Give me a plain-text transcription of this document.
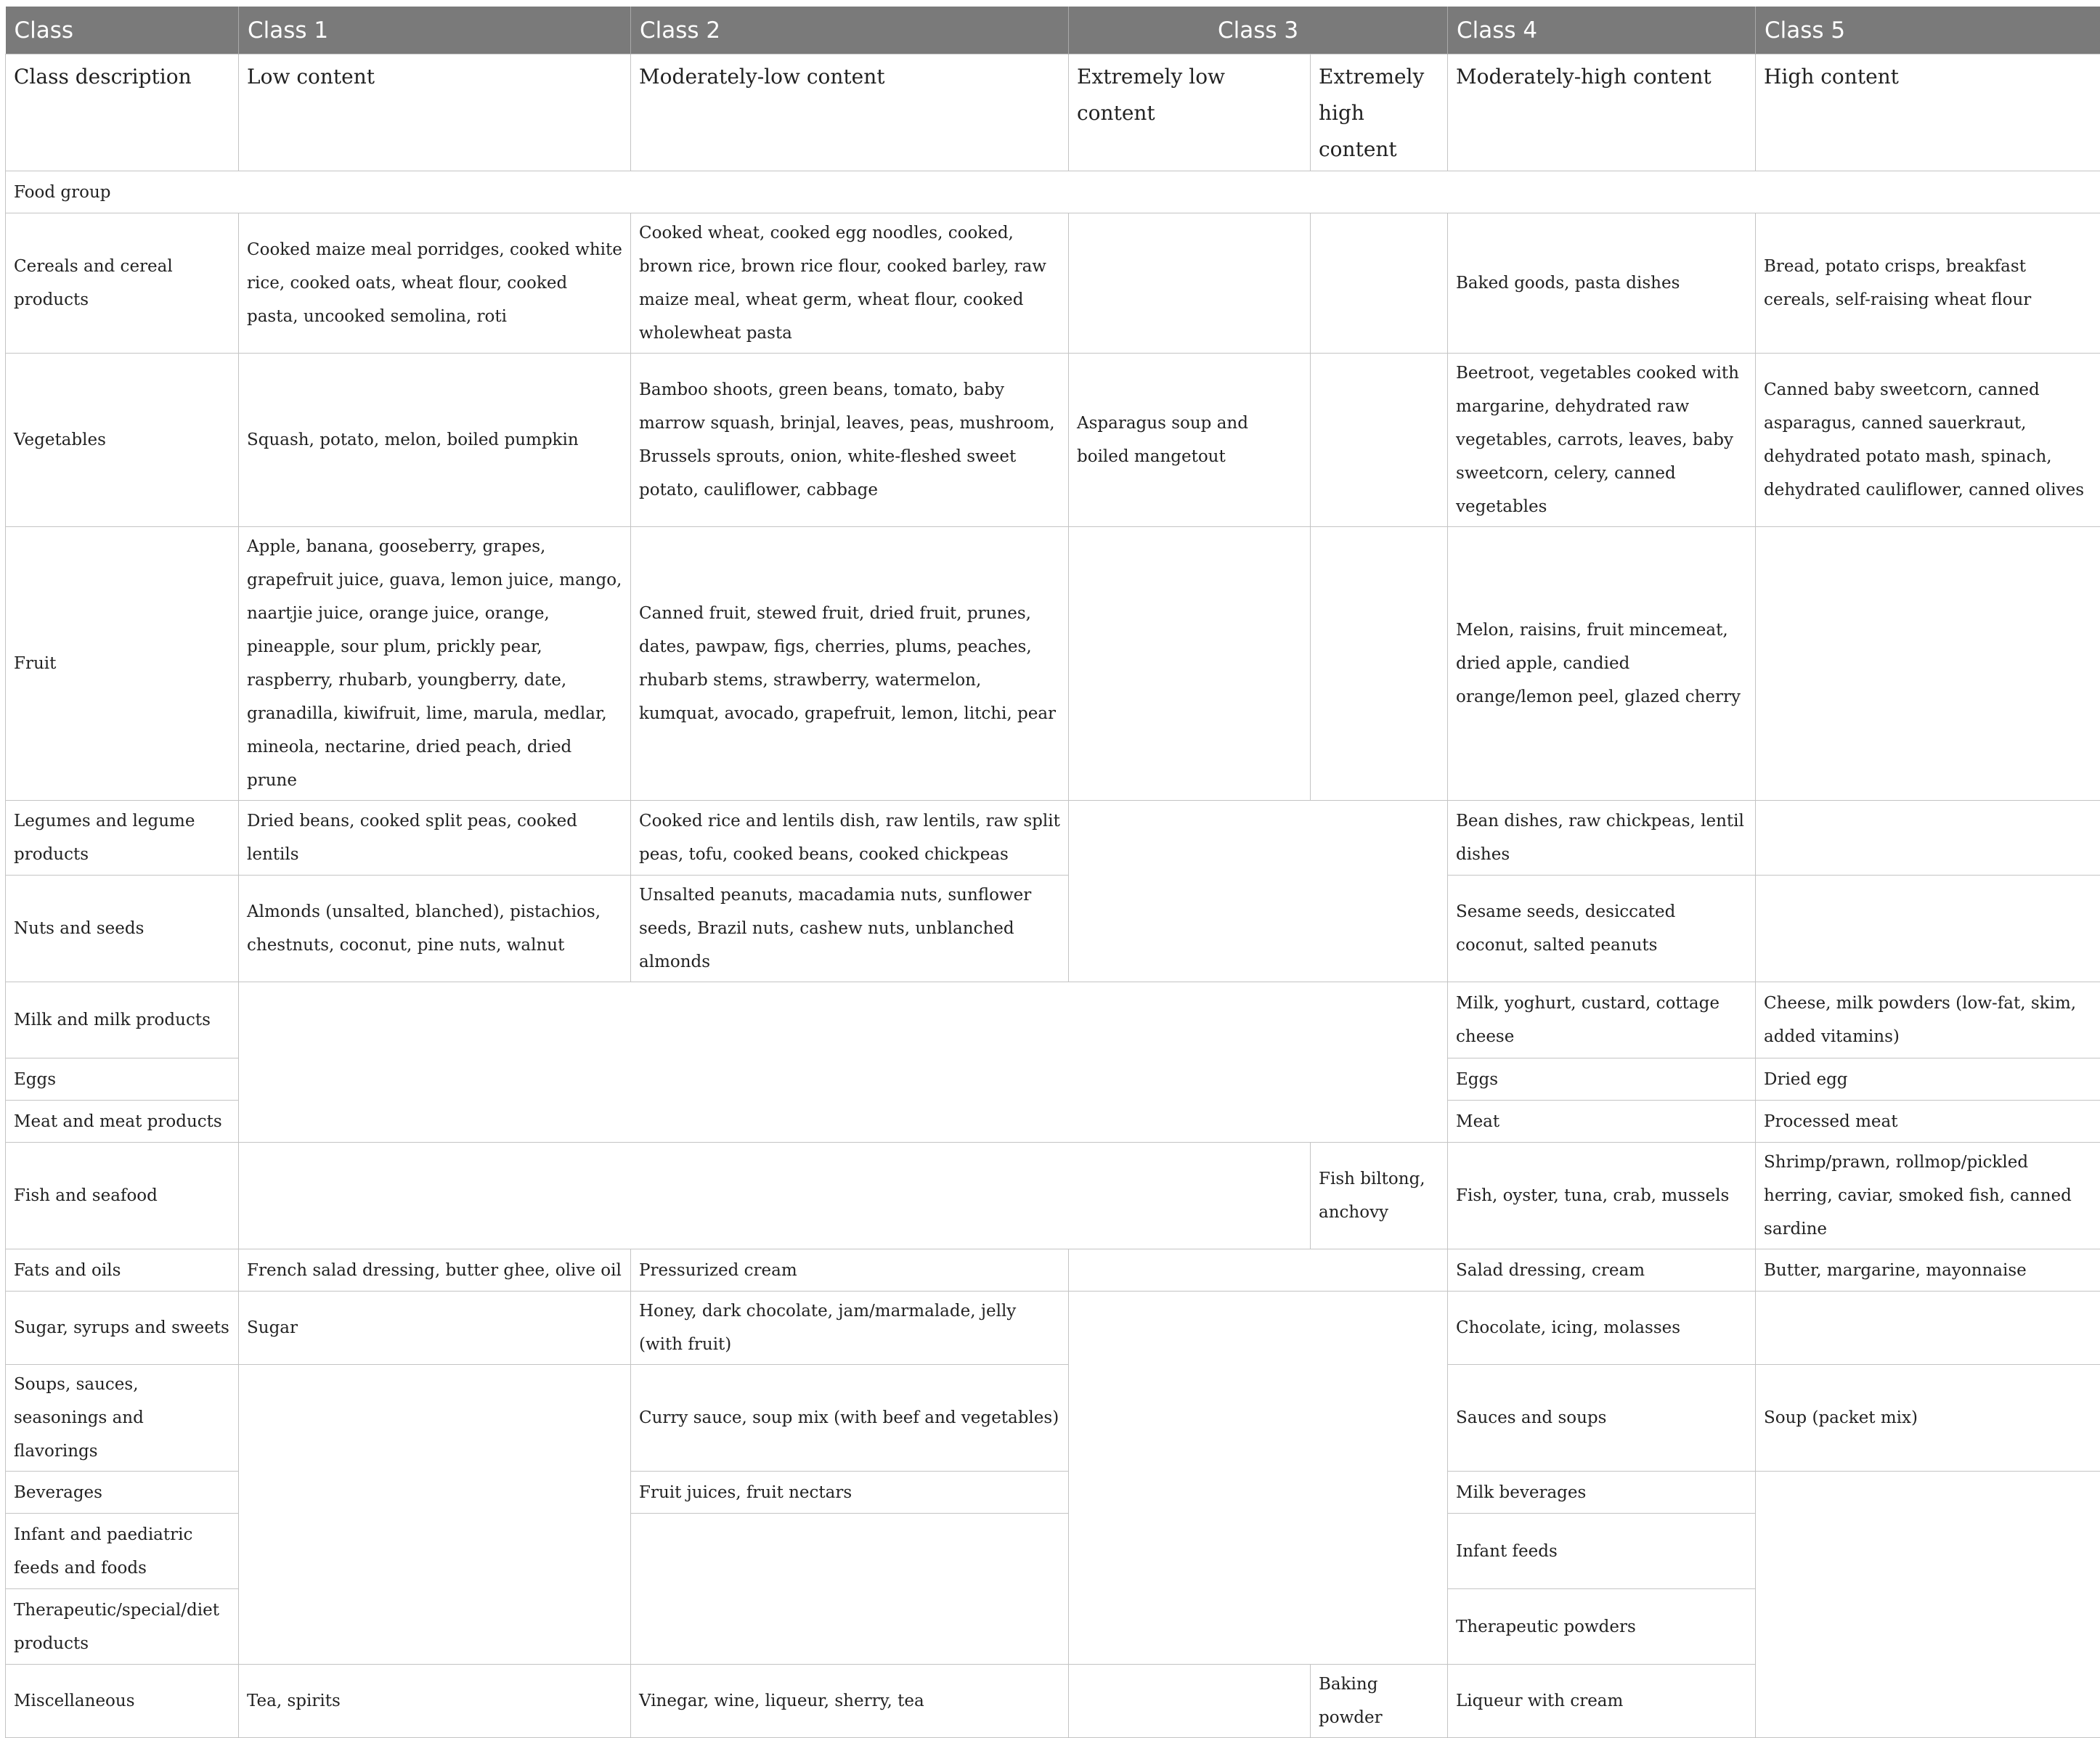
Class	Class 1	Class 2	Class 3		Class 4	Class 5
Class description	Low content	Moderately-low content	Extremely low content	Extremely high content	Moderately-high content	High content
Food group						
Cereals and cereal products	Cooked maize meal porridges, cooked white rice, cooked oats, wheat flour, cooked pasta, uncooked semolina, roti	Cooked wheat, cooked egg noodles, cooked, brown rice, brown rice flour, cooked barley, raw maize meal, wheat germ, wheat flour, cooked wholewheat pasta			Baked goods, pasta dishes	Bread, potato crisps, breakfast cereals, self-raising wheat flour
Vegetables	Squash, potato, melon, boiled pumpkin	Bamboo shoots, green beans, tomato, baby marrow squash, brinjal, leaves, peas, mushroom, Brussels sprouts, onion, white-fleshed sweet potato, cauliflower, cabbage	Asparagus soup and boiled mangetout		Beetroot, vegetables cooked with margarine, dehydrated raw vegetables, carrots, leaves, baby sweetcorn, celery, canned vegetables	Canned baby sweetcorn, canned asparagus, canned sauerkraut, dehydrated potato mash, spinach, dehydrated cauliflower, canned olives
Fruit	Apple, banana, gooseberry, grapes, grapefruit juice, guava, lemon juice, mango, naartjie juice, orange juice, orange, pineapple, sour plum, prickly pear, raspberry, rhubarb, youngberry, date, granadilla, kiwifruit, lime, marula, medlar, mineola, nectarine, dried peach, dried prune	Canned fruit, stewed fruit, dried fruit, prunes, dates, pawpaw, figs, cherries, plums, peaches, rhubarb stems, strawberry, watermelon, kumquat, avocado, grapefruit, lemon, litchi, pear			Melon, raisins, fruit mincemeat, dried apple, candied orange/lemon peel, glazed cherry	
Legumes and legume products	Dried beans, cooked split peas, cooked lentils	Cooked rice and lentils dish, raw lentils, raw split peas, tofu, cooked beans, cooked chickpeas			Bean dishes, raw chickpeas, lentil dishes	
Nuts and seeds	Almonds (unsalted, blanched), pistachios, chestnuts, coconut, pine nuts, walnut	Unsalted peanuts, macadamia nuts, sunflower seeds, Brazil nuts, cashew nuts, unblanched almonds			Sesame seeds, desiccated coconut, salted peanuts	
Milk and milk products					Milk, yoghurt, custard, cottage cheese	Cheese, milk powders (low-fat, skim, added vitamins)
Eggs					Eggs	Dried egg
Meat and meat products					Meat	Processed meat
Fish and seafood				Fish biltong, anchovy	Fish, oyster, tuna, crab, mussels	Shrimp/prawn, rollmop/pickled herring, caviar, smoked fish, canned sardine
Fats and oils	French salad dressing, butter ghee, olive oil	Pressurized cream			Salad dressing, cream	Butter, margarine, mayonnaise
Sugar, syrups and sweets	Sugar	Honey, dark chocolate, jam/marmalade, jelly (with fruit)			Chocolate, icing, molasses	
Soups, sauces, seasonings and flavorings		Curry sauce, soup mix (with beef and vegetables)			Sauces and soups	Soup (packet mix)
Beverages		Fruit juices, fruit nectars			Milk beverages	
Infant and paediatric feeds and foods					Infant feeds	
Therapeutic/special/diet products					Therapeutic powders	
Miscellaneous	Tea, spirits	Vinegar, wine, liqueur, sherry, tea		Baking powder	Liqueur with cream	
